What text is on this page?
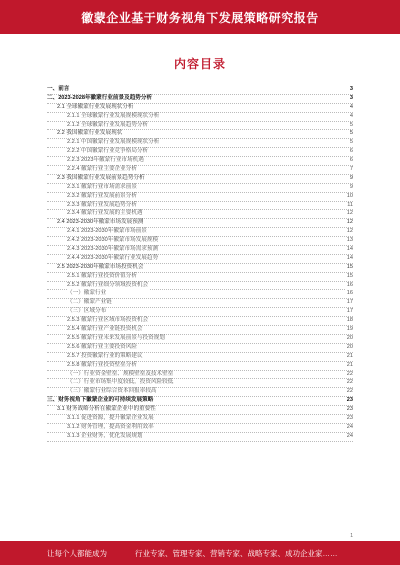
徽蒙企业基于财务视角下发展策略研究报告
内容目录
一、前言	3
二、2023-2028年徽蒙行业前景及趋势分析	3
2.1 全球徽蒙行业发展现状分析	4
2.1.1 全球徽蒙行业发展规模现状分析	4
2.1.2 全球徽蒙行业发展趋势分析	5
2.2 我国徽蒙行业发展现状	5
2.2.1 中国徽蒙行业发展规模现状分析	5
2.2.2 中国徽蒙行业竞争格局分析	6
2.2.3 2023年徽蒙行业市场机遇	6
2.2.4 徽蒙行业主要企业分析	7
2.3 我国徽蒙行业发展前景趋势分析	9
2.3.1 徽蒙行业市场需求前景	9
2.3.2 徽蒙行业发展前景分析	10
2.3.3 徽蒙行业发展趋势分析	11
2.3.4 徽蒙行业发展的主要机遇	12
2.4 2023-2030年徽蒙市场发展预测	12
2.4.1 2023-2030年徽蒙市场前景	12
2.4.2 2023-2030年徽蒙市场发展规模	13
2.4.3 2023-2030年徽蒙市场需求预测	14
2.4.4 2023-2030年徽蒙行业发展趋势	14
2.5 2023-2030年徽蒙市场投资机会	15
2.5.1 徽蒙行业投资价值分析	15
2.5.2 徽蒙行业细分领域投资机会	16
（一）徽蒙行业	16
（二）徽蒙产业链	17
（三）区域分布	17
2.5.3 徽蒙行业区域市场投资机会	18
2.5.4 徽蒙行业产业链投资机会	19
2.5.5 徽蒙行业未来发展前景与投资规划	20
2.5.6 徽蒙行业主要投资风险	20
2.5.7 投资徽蒙行业的策略建议	21
2.5.8 徽蒙行业投资壁垒分析	21
（一）行业资金壁垒、规模壁垒及技术壁垒	22
（二）行业市场集中度较低，投资风险较低	22
（三）徽蒙行业综合资本回报率较高	22
三、财务视角下徽蒙企业的可持续发展策略	23
3.1 财务战略分析在徽蒙企业中的重要性	23
3.1.1 促进资源，提升徽蒙企业发展	23
3.1.2 财务管理，提高资金利用效率	24
3.1.3 企业财务，优化发展规划	24
1
让每个人都能成为	行业专家、管理专家、营销专家、战略专家、成功企业家……
